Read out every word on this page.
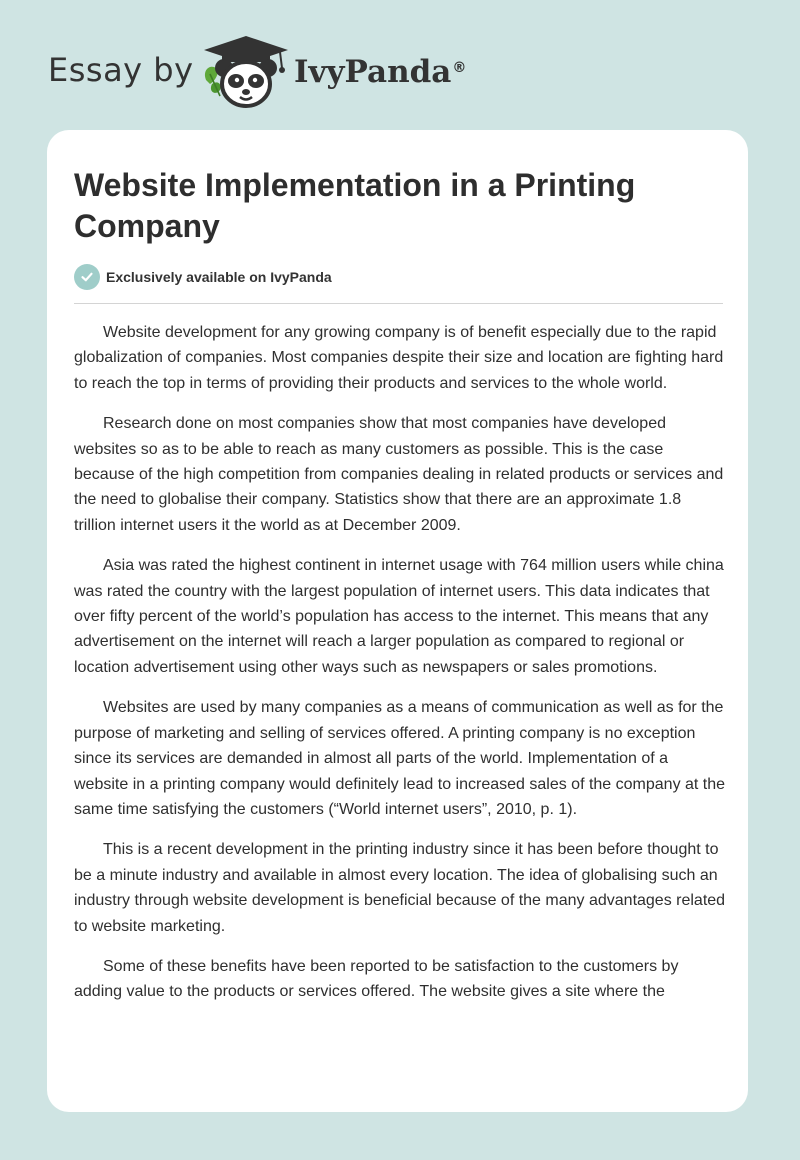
Essay by	IvyPanda®
Website Implementation in a Printing Company
Exclusively available on IvyPanda

Website development for any growing company is of benefit especially due to the rapid globalization of companies. Most companies despite their size and location are fighting hard to reach the top in terms of providing their products and services to the whole world.

Research done on most companies show that most companies have developed websites so as to be able to reach as many customers as possible. This is the case because of the high competition from companies dealing in related products or services and the need to globalise their company. Statistics show that there are an approximate 1.8 trillion internet users it the world as at December 2009.

Asia was rated the highest continent in internet usage with 764 million users while china was rated the country with the largest population of internet users. This data indicates that over fifty percent of the world’s population has access to the internet. This means that any advertisement on the internet will reach a larger population as compared to regional or location advertisement using other ways such as newspapers or sales promotions.

Websites are used by many companies as a means of communication as well as for the purpose of marketing and selling of services offered. A printing company is no exception since its services are demanded in almost all parts of the world. Implementation of a website in a printing company would definitely lead to increased sales of the company at the same time satisfying the customers (“World internet users”, 2010, p. 1).

This is a recent development in the printing industry since it has been before thought to be a minute industry and available in almost every location. The idea of globalising such an industry through website development is beneficial because of the many advantages related to website marketing.

Some of these benefits have been reported to be satisfaction to the customers by adding value to the products or services offered. The website gives a site where the
